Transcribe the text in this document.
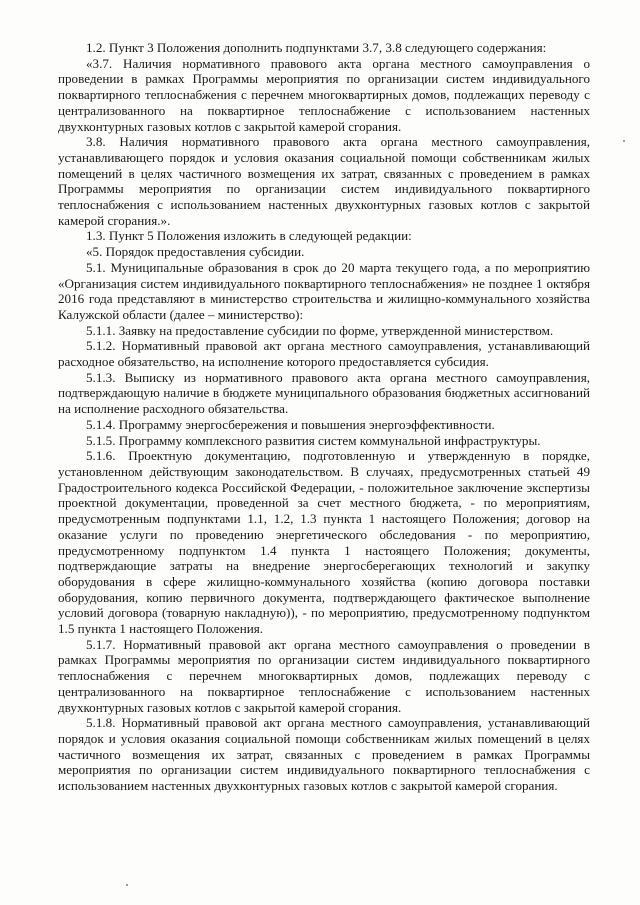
1.2. Пункт 3 Положения дополнить подпунктами 3.7, 3.8 следующего содержания:

«3.7. Наличия нормативного правового акта органа местного самоуправления о проведении в рамках Программы мероприятия по организации систем индивидуального поквартирного теплоснабжения с перечнем многоквартирных домов, подлежащих переводу с централизованного на поквартирное теплоснабжение с использованием настенных двухконтурных газовых котлов с закрытой камерой сгорания.

3.8. Наличия нормативного правового акта органа местного самоуправления, устанавливающего порядок и условия оказания социальной помощи собственникам жилых помещений в целях частичного возмещения их затрат, связанных с проведением в рамках Программы мероприятия по организации систем индивидуального поквартирного теплоснабжения с использованием настенных двухконтурных газовых котлов с закрытой камерой сгорания.».

1.3. Пункт 5 Положения изложить в следующей редакции:

«5. Порядок предоставления субсидии.

5.1. Муниципальные образования в срок до 20 марта текущего года, а по мероприятию «Организация систем индивидуального поквартирного теплоснабжения» не позднее 1 октября 2016 года представляют в министерство строительства и жилищно-коммунального хозяйства Калужской области (далее – министерство):

5.1.1. Заявку на предоставление субсидии по форме, утвержденной министерством.

5.1.2. Нормативный правовой акт органа местного самоуправления, устанавливающий расходное обязательство, на исполнение которого предоставляется субсидия.

5.1.3. Выписку из нормативного правового акта органа местного самоуправления, подтверждающую наличие в бюджете муниципального образования бюджетных ассигнований на исполнение расходного обязательства.

5.1.4. Программу энергосбережения и повышения энергоэффективности.

5.1.5. Программу комплексного развития систем коммунальной инфраструктуры.

5.1.6. Проектную документацию, подготовленную и утвержденную в порядке, установленном действующим законодательством. В случаях, предусмотренных статьей 49 Градостроительного кодекса Российской Федерации, - положительное заключение экспертизы проектной документации, проведенной за счет местного бюджета, - по мероприятиям, предусмотренным подпунктами 1.1, 1.2, 1.3 пункта 1 настоящего Положения; договор на оказание услуги по проведению энергетического обследования - по мероприятию, предусмотренному подпунктом 1.4 пункта 1 настоящего Положения; документы, подтверждающие затраты на внедрение энергосберегающих технологий и закупку оборудования в сфере жилищно-коммунального хозяйства (копию договора поставки оборудования, копию первичного документа, подтверждающего фактическое выполнение условий договора (товарную накладную)), - по мероприятию, предусмотренному подпунктом 1.5 пункта 1 настоящего Положения.

5.1.7. Нормативный правовой акт органа местного самоуправления о проведении в рамках Программы мероприятия по организации систем индивидуального поквартирного теплоснабжения с перечнем многоквартирных домов, подлежащих переводу с централизованного на поквартирное теплоснабжение с использованием настенных двухконтурных газовых котлов с закрытой камерой сгорания.

5.1.8. Нормативный правовой акт органа местного самоуправления, устанавливающий порядок и условия оказания социальной помощи собственникам жилых помещений в целях частичного возмещения их затрат, связанных с проведением в рамках Программы мероприятия по организации систем индивидуального поквартирного теплоснабжения с использованием настенных двухконтурных газовых котлов с закрытой камерой сгорания.
